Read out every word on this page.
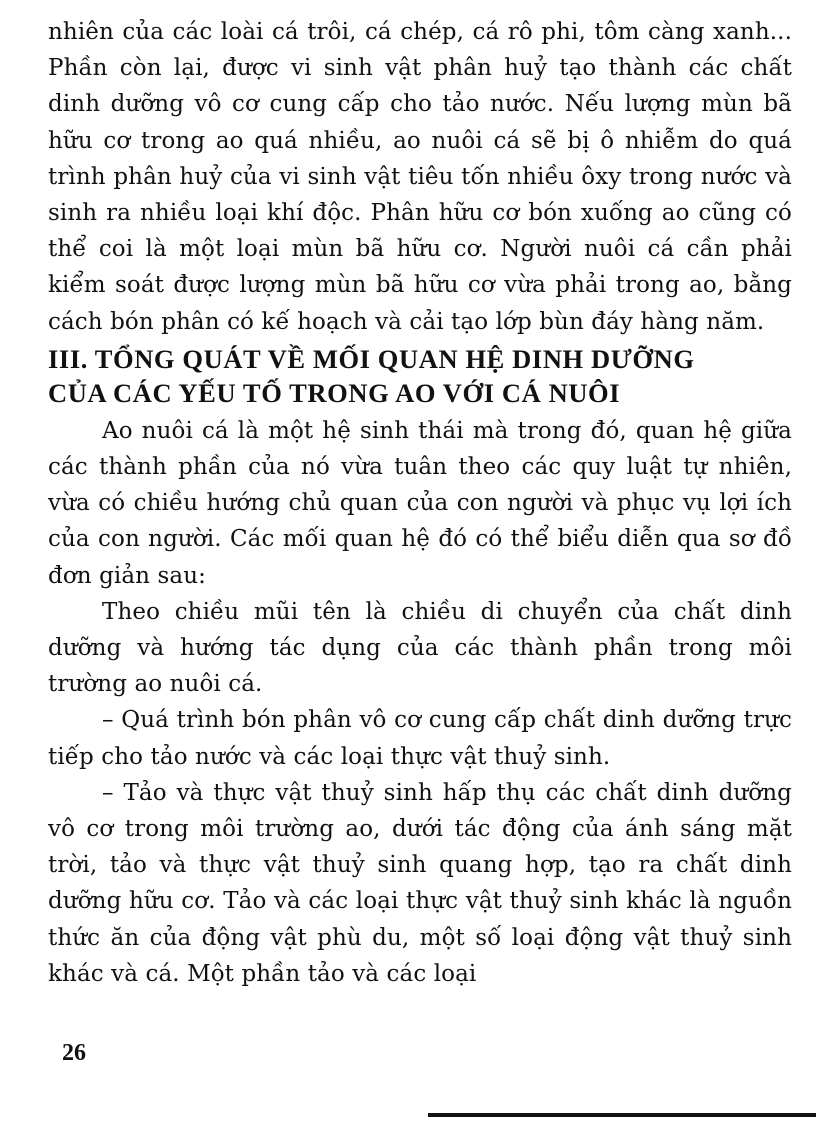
nhiên của các loài cá trôi, cá chép, cá rô phi, tôm càng xanh... Phần còn lại, được vi sinh vật phân huỷ tạo thành các chất dinh dưỡng vô cơ cung cấp cho tảo nước. Nếu lượng mùn bã hữu cơ trong ao quá nhiều, ao nuôi cá sẽ bị ô nhiễm do quá trình phân huỷ của vi sinh vật tiêu tốn nhiều ôxy trong nước và sinh ra nhiều loại khí độc. Phân hữu cơ bón xuống ao cũng có thể coi là một loại mùn bã hữu cơ. Người nuôi cá cần phải kiểm soát được lượng mùn bã hữu cơ vừa phải trong ao, bằng cách bón phân có kế hoạch và cải tạo lớp bùn đáy hàng năm.

III. TỔNG QUÁT VỀ MỐI QUAN HỆ DINH DƯỠNG
CỦA CÁC YẾU TỐ TRONG AO VỚI CÁ NUÔI

Ao nuôi cá là một hệ sinh thái mà trong đó, quan hệ giữa các thành phần của nó vừa tuân theo các quy luật tự nhiên, vừa có chiều hướng chủ quan của con người và phục vụ lợi ích của con người. Các mối quan hệ đó có thể biểu diễn qua sơ đồ đơn giản sau:

Theo chiều mũi tên là chiều di chuyển của chất dinh dưỡng và hướng tác dụng của các thành phần trong môi trường ao nuôi cá.

– Quá trình bón phân vô cơ cung cấp chất dinh dưỡng trực tiếp cho tảo nước và các loại thực vật thuỷ sinh.

– Tảo và thực vật thuỷ sinh hấp thụ các chất dinh dưỡng vô cơ trong môi trường ao, dưới tác động của ánh sáng mặt trời, tảo và thực vật thuỷ sinh quang hợp, tạo ra chất dinh dưỡng hữu cơ. Tảo và các loại thực vật thuỷ sinh khác là nguồn thức ăn của động vật phù du, một số loại động vật thuỷ sinh khác và cá. Một phần tảo và các loại

26
